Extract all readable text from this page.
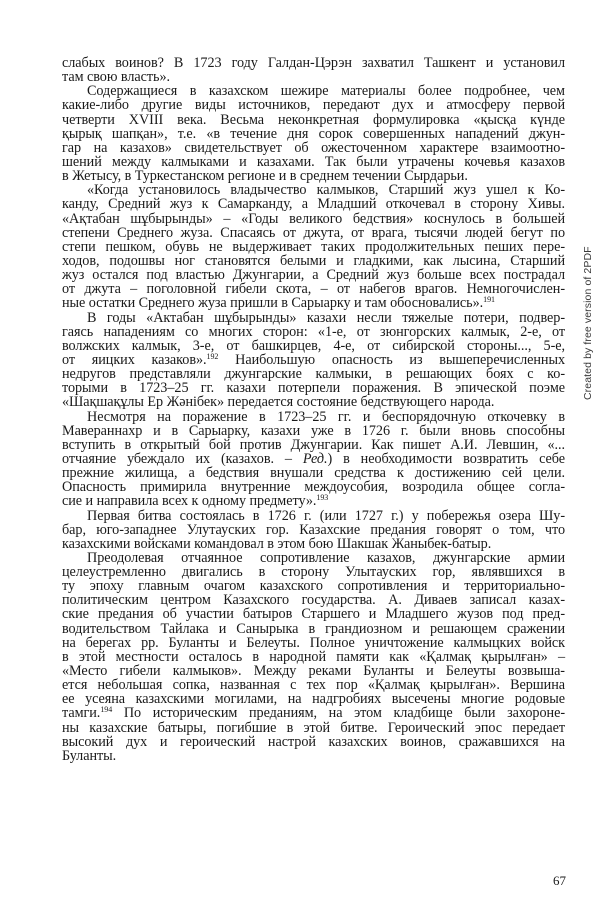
слабых воинов? В 1723 году Галдан-Цэрэн захватил Ташкент и установил
там свою власть».
Содержащиеся в казахском шежире материалы более подробнее, чем
какие-либо другие виды источников, передают дух и атмосферу первой
четверти XVIII века. Весьма неконкретная формулировка «қысқа күнде
қырық шапқан», т.е. «в течение дня сорок совершенных нападений джун-
гар на казахов» свидетельствует об ожесточенном характере взаимоотно-
шений между калмыками и казахами. Так были утрачены кочевья казахов
в Жетысу, в Туркестанском регионе и в среднем течении Сырдарьи.
«Когда установилось владычество калмыков, Старший жуз ушел к Ко-
канду, Средний жуз к Самарканду, а Младший откочевал в сторону Хивы.
«Ақтабан шұбырынды» – «Годы великого бедствия» коснулось в большей
степени Среднего жуза. Спасаясь от джута, от врага, тысячи людей бегут по
степи пешком, обувь не выдерживает таких продолжительных пеших пере-
ходов, подошвы ног становятся белыми и гладкими, как лысина, Старший
жуз остался под властью Джунгарии, а Средний жуз больше всех пострадал
от джута – поголовной гибели скота, – от набегов врагов. Немногочислен-
ные остатки Среднего жуза пришли в Сарыарку и там обосновались».$^{191}$
В годы «Актабан шұбырынды» казахи несли тяжелые потери, подвер-
гаясь нападениям со многих сторон: «1-е, от зюнгорских калмык, 2-е, от
волжских калмык, 3-е, от башкирцев, 4-е, от сибирской стороны..., 5-е,
от яицких казаков».$^{192}$ Наибольшую опасность из вышеперечисленных
недругов представляли джунгарские калмыки, в решающих боях с ко-
торыми в 1723–25 гг. казахи потерпели поражения. В эпической поэме
«Шақшақұлы Ер Жәнібек» передается состояние бедствующего народа.
Несмотря на поражение в 1723–25 гг. и беспорядочную откочевку в
Мавераннахр и в Сарыарку, казахи уже в 1726 г. были вновь способны
вступить в открытый бой против Джунгарии. Как пишет А.И. Левшин, «...
отчаяние убеждало их (казахов. – Ред.) в необходимости возвратить себе
прежние жилища, а бедствия внушали средства к достижению сей цели.
Опасность примирила внутренние междоусобия, возродила общее согла-
сие и направила всех к одному предмету».$^{193}$
Первая битва состоялась в 1726 г. (или 1727 г.) у побережья озера Шу-
бар, юго-западнее Улутауских гор. Казахские предания говорят о том, что
казахскими войсками командовал в этом бою Шакшак Жаныбек-батыр.
Преодолевая отчаянное сопротивление казахов, джунгарские армии
целеустремленно двигались в сторону Улытауских гор, являвшихся в
ту эпоху главным очагом казахского сопротивления и территориально-
политическим центром Казахского государства. А. Диваев записал казах-
ские предания об участии батыров Старшего и Младшего жузов под пред-
водительством Тайлака и Санырыка в грандиозном и решающем сражении
на берегах рр. Буланты и Белеуты. Полное уничтожение калмыцких войск
в этой местности осталось в народной памяти как «Қалмақ қырылған» –
«Место гибели калмыков». Между реками Буланты и Белеуты возвыша-
ется небольшая сопка, названная с тех пор «Қалмақ қырылған». Вершина
ее усеяна казахскими могилами, на надгробиях высечены многие родовые
тамги.$^{194}$ По историческим преданиям, на этом кладбище были захороне-
ны казахские батыры, погибшие в этой битве. Героический эпос передает
высокий дух и героический настрой казахских воинов, сражавшихся на
Буланты.
67
Created by free version of 2PDF
